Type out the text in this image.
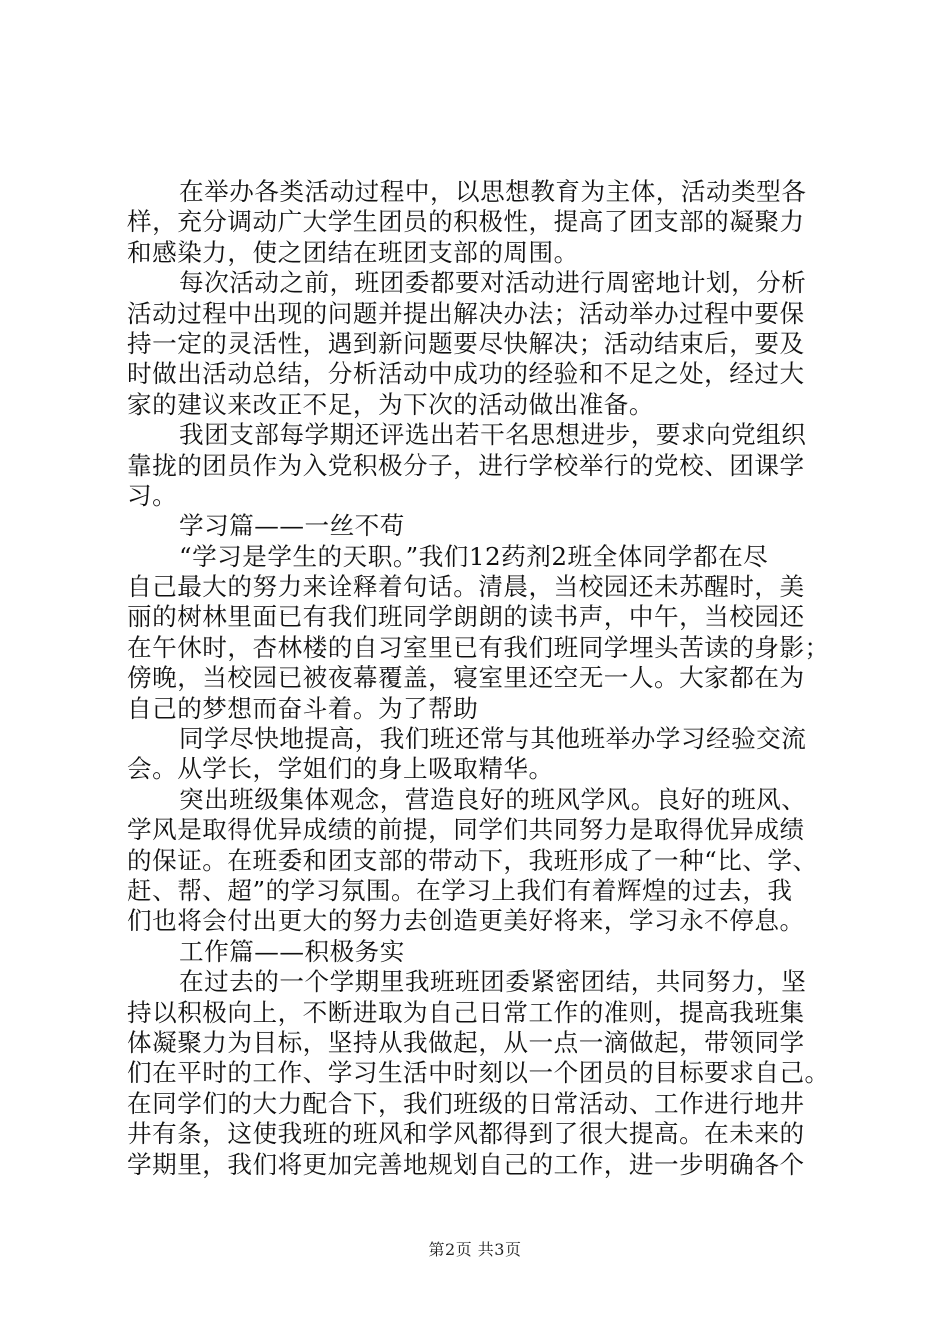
在举办各类活动过程中，以思想教育为主体，活动类型各
样，充分调动广大学生团员的积极性，提高了团支部的凝聚力
和感染力，使之团结在班团支部的周围。
每次活动之前，班团委都要对活动进行周密地计划，分析
活动过程中出现的问题并提出解决办法；活动举办过程中要保
持一定的灵活性，遇到新问题要尽快解决；活动结束后，要及
时做出活动总结，分析活动中成功的经验和不足之处，经过大
家的建议来改正不足，为下次的活动做出准备。
我团支部每学期还评选出若干名思想进步，要求向党组织
靠拢的团员作为入党积极分子，进行学校举行的党校、团课学
习。
学习篇——一丝不苟
“学习是学生的天职。”我们12药剂2班全体同学都在尽
自己最大的努力来诠释着句话。清晨，当校园还未苏醒时，美
丽的树林里面已有我们班同学朗朗的读书声，中午，当校园还
在午休时，杏林楼的自习室里已有我们班同学埋头苦读的身影；
傍晚，当校园已被夜幕覆盖，寝室里还空无一人。大家都在为
自己的梦想而奋斗着。为了帮助
同学尽快地提高，我们班还常与其他班举办学习经验交流
会。从学长，学姐们的身上吸取精华。
突出班级集体观念，营造良好的班风学风。良好的班风、
学风是取得优异成绩的前提，同学们共同努力是取得优异成绩
的保证。在班委和团支部的带动下，我班形成了一种“比、学、
赶、帮、超”的学习氛围。在学习上我们有着辉煌的过去，我
们也将会付出更大的努力去创造更美好将来，学习永不停息。
工作篇——积极务实
在过去的一个学期里我班班团委紧密团结，共同努力，坚
持以积极向上，不断进取为自己日常工作的准则，提高我班集
体凝聚力为目标，坚持从我做起，从一点一滴做起，带领同学
们在平时的工作、学习生活中时刻以一个团员的目标要求自己。
在同学们的大力配合下，我们班级的日常活动、工作进行地井
井有条，这使我班的班风和学风都得到了很大提高。在未来的
学期里，我们将更加完善地规划自己的工作，进一步明确各个
第2页 共3页
